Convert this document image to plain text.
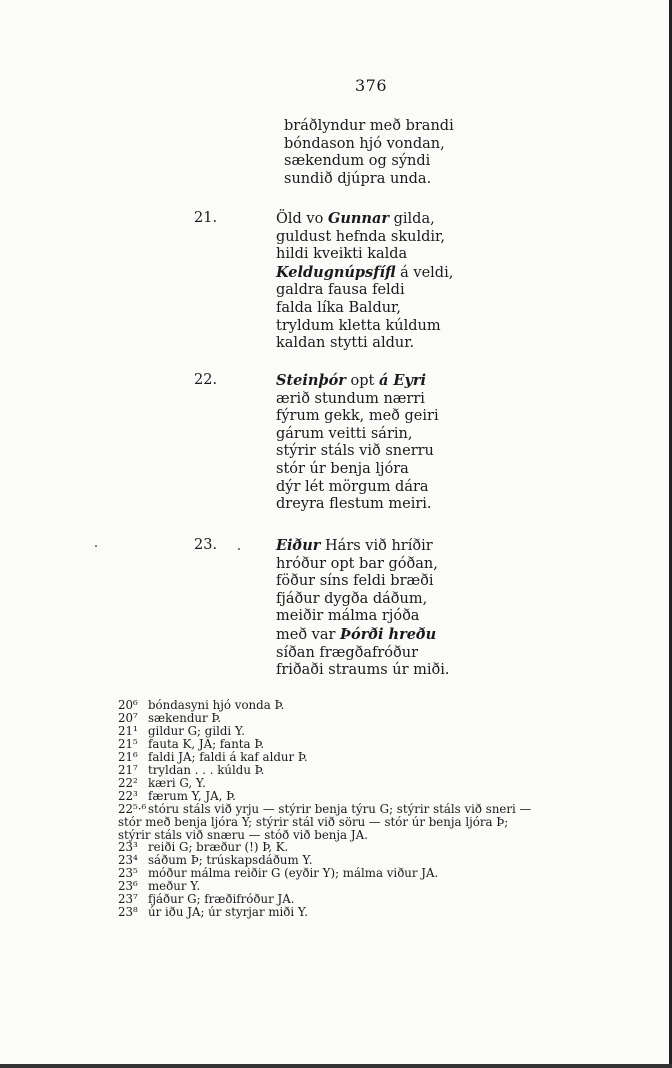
376
bráðlyndur með brandi
bóndason hjó vondan,
sækendum og sýndi
sundið djúpra unda.
21.	Öld vo Gunnar gilda,
guldust hefnda skuldir,
hildi kveikti kalda
Keldugnúpsfífl á veldi,
galdra fausa feldi
falda líka Baldur,
tryldum kletta kúldum
kaldan stytti aldur.
22.	Steinþór opt á Eyri
ærið stundum nærri
fýrum gekk, með geiri
gárum veitti sárin,
stýrir stáls við snerru
stór úr benja ljóra
dýr lét mörgum dára
dreyra flestum meiri.
23.	Eiður Hárs við hríðir
hróður opt bar góðan,
föður síns feldi bræði
fjáður dygða dáðum,
meiðir málma rjóða
með var Þórði hreðu
síðan frægðafróður
friðaði straums úr miði.
20⁶ bóndasyni hjó vonda Þ.
20⁷ sækendur Þ.
21¹ gildur G; gildi Y.
21⁵ fauta K, JA; fanta Þ.
21⁶ faldi JA; faldi á kaf aldur Þ.
21⁷ tryldan . . . kúldu Þ.
22² kæri G, Y.
22³ færum Y, JA, Þ.
22⁵·⁶ stóru stáls við yrju — stýrir benja týru G; stýrir stáls við sneri —
stór með benja ljóra Y; stýrir stál við söru — stór úr benja ljóra Þ;
stýrir stáls við snæru — stóð við benja JA.
23³ reiði G; bræður (!) Þ, K.
23⁴ sáðum Þ; trúskapsdáðum Y.
23⁵ móður málma reiðir G (eyðir Y); málma viður JA.
23⁶ meður Y.
23⁷ fjáður G; fræðifróður JA.
23⁸ úr iðu JA; úr styrjar miði Y.
